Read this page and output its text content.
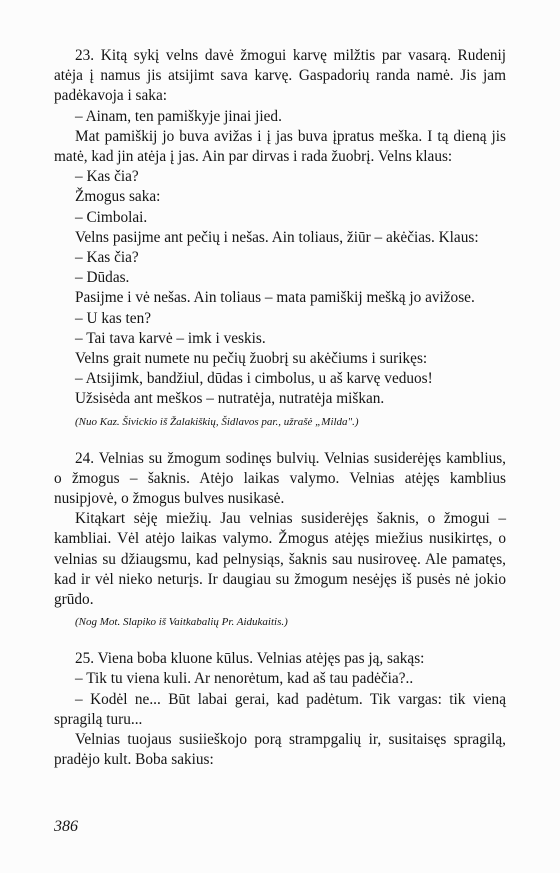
23. Kitą sykį velns davė žmogui karvę milžtis par vasarą. Rudenij atėja į namus jis atsijimt sava karvę. Gaspadorių randa namė. Jis jam padėkavoja i saka:

– Ainam, ten pamiškyje jinai jied.

Mat pamiškij jo buva avižas i į jas buva įpratus meška. I tą dieną jis matė, kad jin atėja į jas. Ain par dirvas i rada žuobrį. Velns klaus:

– Kas čia?

Žmogus saka:

– Cimbolai.

Velns pasijme ant pečių i nešas. Ain toliaus, žiūr – akėčias. Klaus:

– Kas čia?

– Dūdas.

Pasijme i vė nešas. Ain toliaus – mata pamiškij mešką jo avižose.

– U kas ten?

– Tai tava karvė – imk i veskis.

Velns grait numete nu pečių žuobrį su akėčiums i surikęs:

– Atsijimk, bandžiul, dūdas i cimbolus, u aš karvę veduos!

Užsisėda ant meškos – nutratėja, nutratėja miškan.

(Nuo Kaz. Šivickio iš Žalakiškių, Šidlavos par., užrašė „Milda".)

24. Velnias su žmogum sodinęs bulvių. Velnias susiderėjęs kamblius, o žmogus – šaknis. Atėjo laikas valymo. Velnias atėjęs kamblius nusipjovė, o žmogus bulves nusikasė.

Kitąkart sėję miežių. Jau velnias susiderėjęs šaknis, o žmogui – kambliai. Vėl atėjo laikas valymo. Žmogus atėjęs miežius nusikirtęs, o velnias su džiaugsmu, kad pelnysiąs, šaknis sau nusiroveę. Ale pamatęs, kad ir vėl nieko neturįs. Ir daugiau su žmogum nesėjęs iš pusės nė jokio grūdo.

(Nog Mot. Slapiko iš Vaitkabalių Pr. Aidukaitis.)

25. Viena boba kluone kūlus. Velnias atėjęs pas ją, sakąs:

– Tik tu viena kuli. Ar nenorėtum, kad aš tau padėčia?..

– Kodėl ne... Būt labai gerai, kad padėtum. Tik vargas: tik vieną spragilą turu...

Velnias tuojaus susiieškojo porą strampgalių ir, susitaisęs spragilą, pradėjo kult. Boba sakius:

386
